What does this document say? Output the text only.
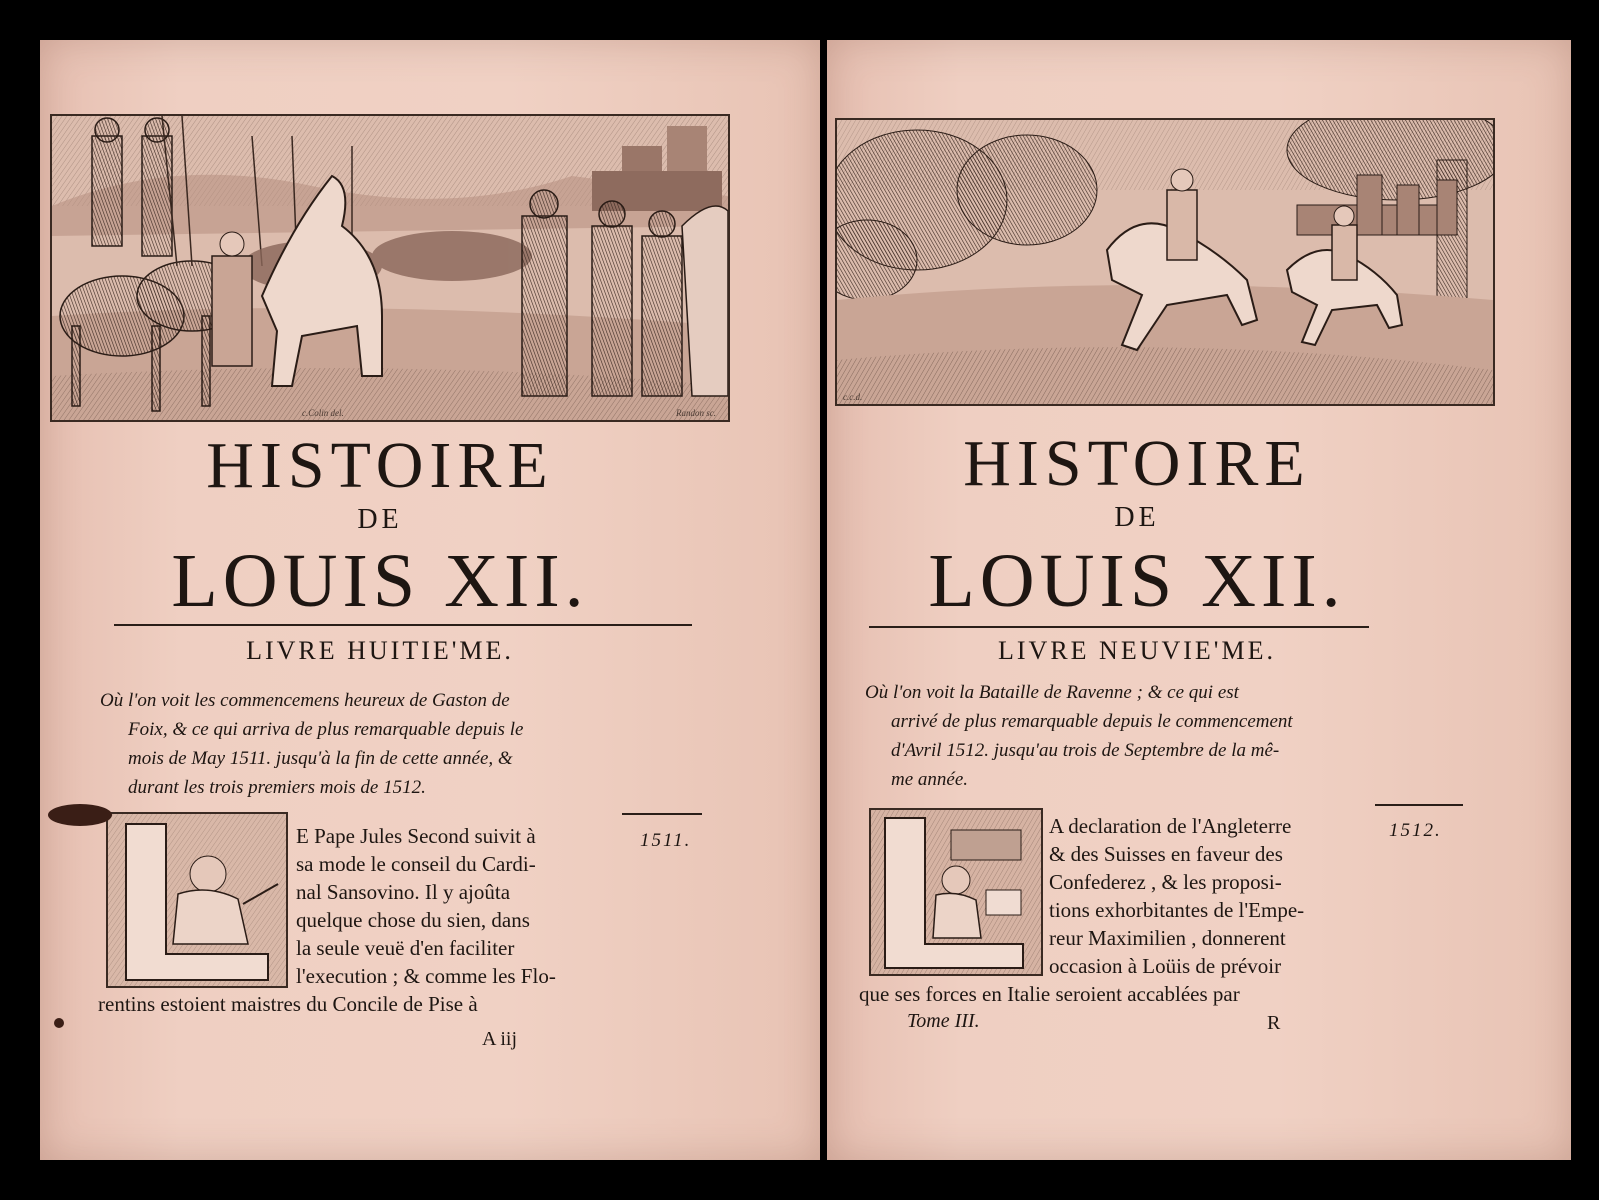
c.Colin del.	Randon sc.
HISTOIRE
DE
LOUIS XII.
LIVRE HUITIE'ME.
Où l'on voit les commencemens heureux de Gaston de
Foix, & ce qui arriva de plus remarquable depuis le
mois de May 1511. jusqu'à la fin de cette année, &
durant les trois premiers mois de 1512.
1511.
E Pape Jules Second suivit à
sa mode le conseil du Cardi-
nal Sansovino. Il y ajoûta
quelque chose du sien, dans
la seule veuë d'en faciliter
l'execution ; & comme les Flo-
rentins estoient maistres du Concile de Pise à
A iij
c.c.d.
HISTOIRE
DE
LOUIS XII.
LIVRE NEUVIE'ME.
Où l'on voit la Bataille de Ravenne ; & ce qui est
arrivé de plus remarquable depuis le commencement
d'Avril 1512. jusqu'au trois de Septembre de la mê-
me année.
1512.
A declaration de l'Angleterre
& des Suisses en faveur des
Confederez , & les proposi-
tions exhorbitantes de l'Empe-
reur Maximilien , donnerent
occasion à Loüis de prévoir
que ses forces en Italie seroient accablées par
Tome III.	R
